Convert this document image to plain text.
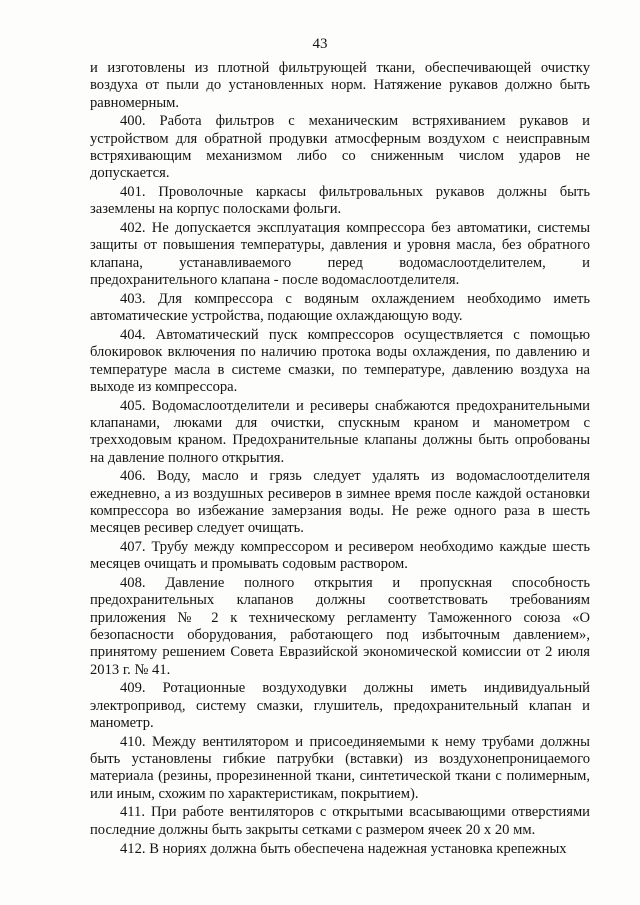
43

и изготовлены из плотной фильтрующей ткани, обеспечивающей очистку воздуха от пыли до установленных норм. Натяжение рукавов должно быть равномерным.

400. Работа фильтров с механическим встряхиванием рукавов и устройством для обратной продувки атмосферным воздухом с неисправным встряхивающим механизмом либо со сниженным числом ударов не допускается.

401. Проволочные каркасы фильтровальных рукавов должны быть заземлены на корпус полосками фольги.

402. Не допускается эксплуатация компрессора без автоматики, системы защиты от повышения температуры, давления и уровня масла, без обратного клапана, устанавливаемого перед водомаслоотделителем, и предохранительного клапана - после водомаслоотделителя.

403. Для компрессора с водяным охлаждением необходимо иметь автоматические устройства, подающие охлаждающую воду.

404. Автоматический пуск компрессоров осуществляется с помощью блокировок включения по наличию протока воды охлаждения, по давлению и температуре масла в системе смазки, по температуре, давлению воздуха на выходе из компрессора.

405. Водомаслоотделители и ресиверы снабжаются предохранительными клапанами, люками для очистки, спускным краном и манометром с трехходовым краном. Предохранительные клапаны должны быть опробованы на давление полного открытия.

406. Воду, масло и грязь следует удалять из водомаслоотделителя ежедневно, а из воздушных ресиверов в зимнее время после каждой остановки компрессора во избежание замерзания воды. Не реже одного раза в шесть месяцев ресивер следует очищать.

407. Трубу между компрессором и ресивером необходимо каждые шесть месяцев очищать и промывать содовым раствором.

408. Давление полного открытия и пропускная способность предохранительных клапанов должны соответствовать требованиям приложения № 2 к техническому регламенту Таможенного союза «О безопасности оборудования, работающего под избыточным давлением», принятому решением Совета Евразийской экономической комиссии от 2 июля 2013 г. № 41.

409. Ротационные воздуходувки должны иметь индивидуальный электропривод, систему смазки, глушитель, предохранительный клапан и манометр.

410. Между вентилятором и присоединяемыми к нему трубами должны быть установлены гибкие патрубки (вставки) из воздухонепроницаемого материала (резины, прорезиненной ткани, синтетической ткани с полимерным, или иным, схожим по характеристикам, покрытием).

411. При работе вентиляторов с открытыми всасывающими отверстиями последние должны быть закрыты сетками с размером ячеек 20 x 20 мм.

412. В нориях должна быть обеспечена надежная установка крепежных
